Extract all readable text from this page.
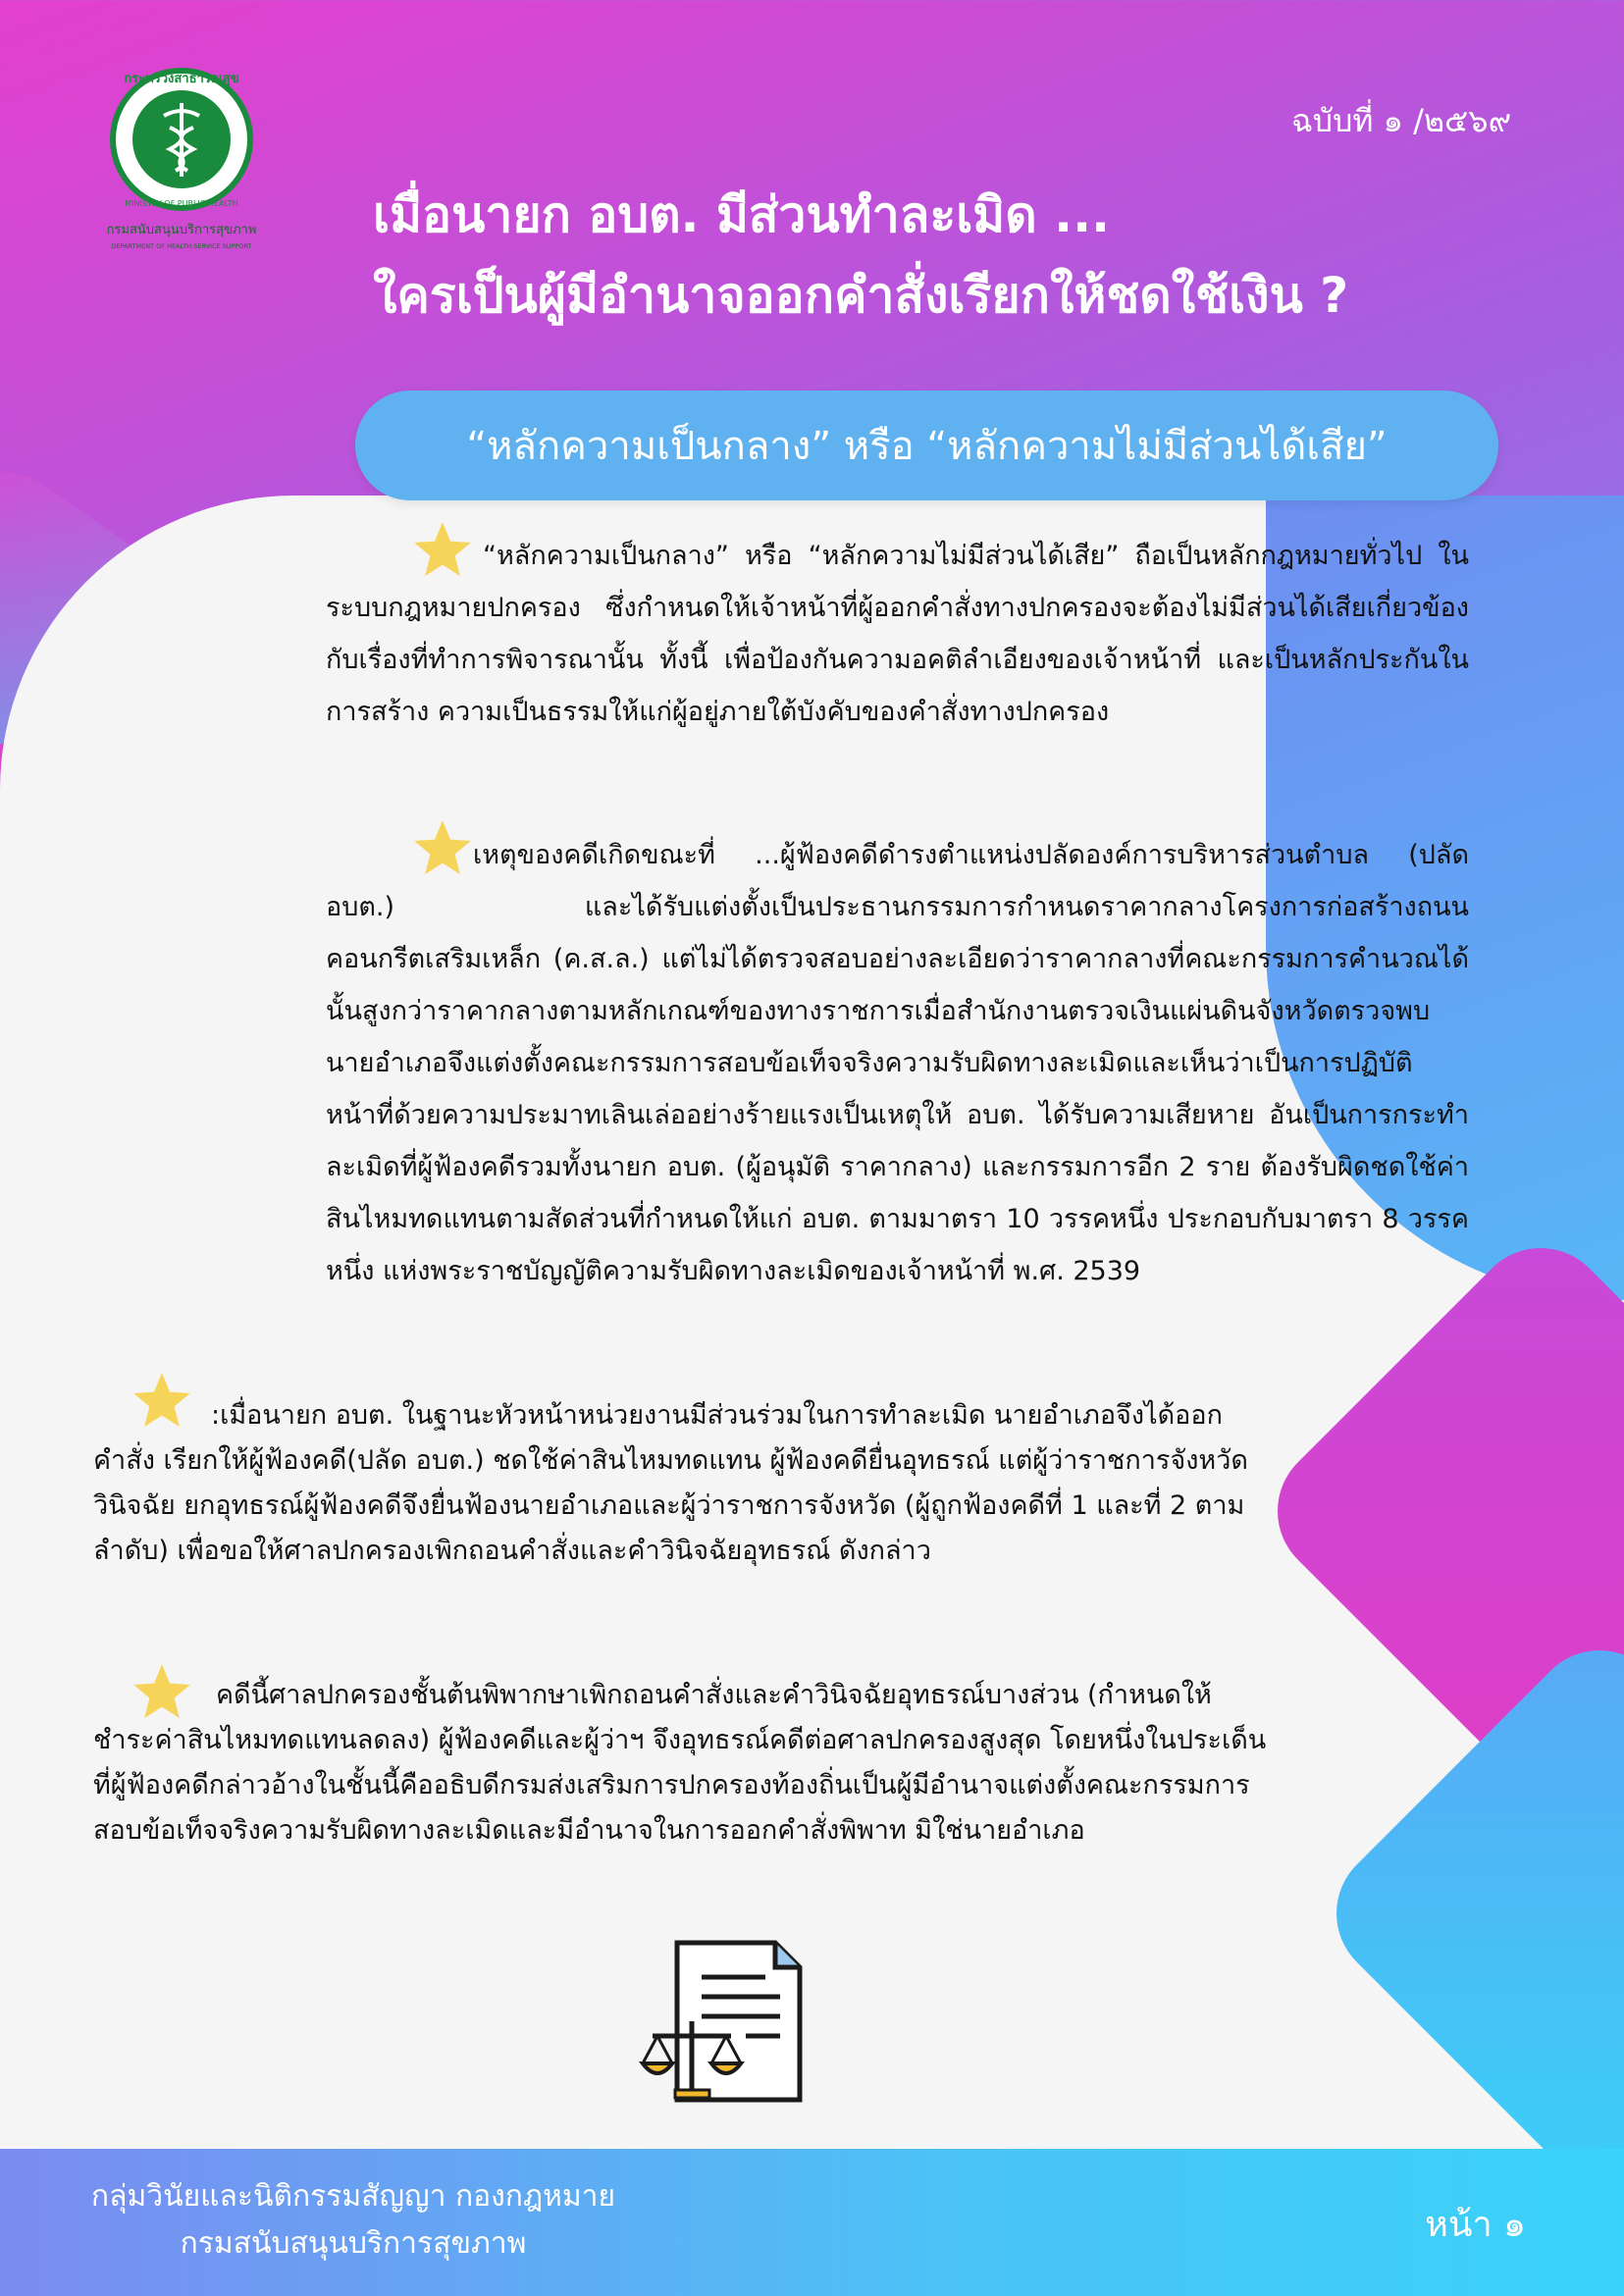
กระทรวงสาธารณสุข
MINISTRY OF PUBLIC HEALTH
กรมสนับสนุนบริการสุขภาพ
DEPARTMENT OF HEALTH SERVICE SUPPORT
ฉบับที่ ๑ /๒๕๖๙
เมื่อนายก อบต. มีส่วนทำละเมิด ...
ใครเป็นผู้มีอำนาจออกคำสั่งเรียกให้ชดใช้เงิน ?
“หลักความเป็นกลาง” หรือ “หลักความไม่มีส่วนได้เสีย”
“หลักความเป็นกลาง” หรือ “หลักความไม่มีส่วนได้เสีย” ถือเป็นหลักกฎหมายทั่วไป ในระบบกฎหมายปกครอง ซึ่งกำหนดให้เจ้าหน้าที่ผู้ออกคำสั่งทางปกครองจะต้องไม่มีส่วนได้เสียเกี่ยวข้องกับเรื่องที่ทำการพิจารณานั้น ทั้งนี้ เพื่อป้องกันความอคติลำเอียงของเจ้าหน้าที่ และเป็นหลักประกันในการสร้าง ความเป็นธรรมให้แก่ผู้อยู่ภายใต้บังคับของคำสั่งทางปกครอง
เหตุของคดีเกิดขณะที่ ...ผู้ฟ้องคดีดำรงตำแหน่งปลัดองค์การบริหารส่วนตำบล (ปลัด อบต.) และได้รับแต่งตั้งเป็นประธานกรรมการกำหนดราคากลางโครงการก่อสร้างถนนคอนกรีตเสริมเหล็ก (ค.ส.ล.) แต่ไม่ได้ตรวจสอบอย่างละเอียดว่าราคากลางที่คณะกรรมการคำนวณได้นั้นสูงกว่าราคากลางตามหลักเกณฑ์ของทางราชการเมื่อสำนักงานตรวจเงินแผ่นดินจังหวัดตรวจพบนายอำเภอจึงแต่งตั้งคณะกรรมการสอบข้อเท็จจริงความรับผิดทางละเมิดและเห็นว่าเป็นการปฏิบัติหน้าที่ด้วยความประมาทเลินเล่ออย่างร้ายแรงเป็นเหตุให้ อบต. ได้รับความเสียหาย อันเป็นการกระทำละเมิดที่ผู้ฟ้องคดีรวมทั้งนายก อบต. (ผู้อนุมัติ ราคากลาง) และกรรมการอีก 2 ราย ต้องรับผิดชดใช้ค่าสินไหมทดแทนตามสัดส่วนที่กำหนดให้แก่ อบต. ตามมาตรา 10 วรรคหนึ่ง ประกอบกับมาตรา 8 วรรคหนึ่ง แห่งพระราชบัญญัติความรับผิดทางละเมิดของเจ้าหน้าที่ พ.ศ. 2539
:เมื่อนายก อบต. ในฐานะหัวหน้าหน่วยงานมีส่วนร่วมในการทำละเมิด นายอำเภอจึงได้ออกคำสั่ง เรียกให้ผู้ฟ้องคดี(ปลัด อบต.) ชดใช้ค่าสินไหมทดแทน ผู้ฟ้องคดียื่นอุทธรณ์ แต่ผู้ว่าราชการจังหวัดวินิจฉัย ยกอุทธรณ์ผู้ฟ้องคดีจึงยื่นฟ้องนายอำเภอและผู้ว่าราชการจังหวัด (ผู้ถูกฟ้องคดีที่ 1 และที่ 2 ตามลำดับ) เพื่อขอให้ศาลปกครองเพิกถอนคำสั่งและคำวินิจฉัยอุทธรณ์ ดังกล่าว
คดีนี้ศาลปกครองชั้นต้นพิพากษาเพิกถอนคำสั่งและคำวินิจฉัยอุทธรณ์บางส่วน (กำหนดให้ ชำระค่าสินไหมทดแทนลดลง) ผู้ฟ้องคดีและผู้ว่าฯ จึงอุทธรณ์คดีต่อศาลปกครองสูงสุด โดยหนึ่งในประเด็น ที่ผู้ฟ้องคดีกล่าวอ้างในชั้นนี้คืออธิบดีกรมส่งเสริมการปกครองท้องถิ่นเป็นผู้มีอำนาจแต่งตั้งคณะกรรมการ สอบข้อเท็จจริงความรับผิดทางละเมิดและมีอำนาจในการออกคำสั่งพิพาท มิใช่นายอำเภอ
กลุ่มวินัยและนิติกรรมสัญญา กองกฎหมาย
กรมสนับสนุนบริการสุขภาพ	หน้า ๑
